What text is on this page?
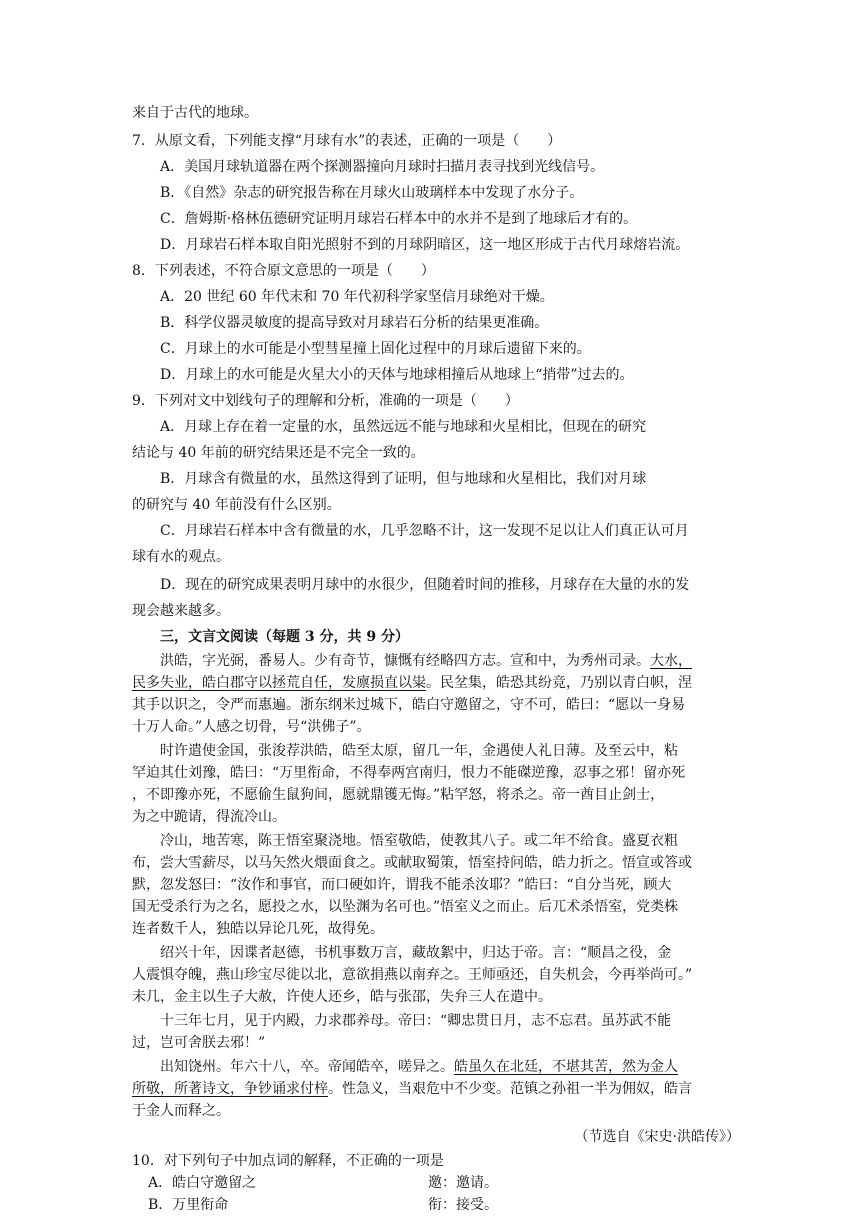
来自于古代的地球。
7．从原文看，下列能支撑“月球有水”的表述，正确的一项是（　　）
A．美国月球轨道器在两个探测器撞向月球时扫描月表寻找到光线信号。
B．《自然》杂志的研究报告称在月球火山玻璃样本中发现了水分子。
C．詹姆斯·格林伍德研究证明月球岩石样本中的水并不是到了地球后才有的。
D．月球岩石样本取自阳光照射不到的月球阴暗区，这一地区形成于古代月球熔岩流。
8．下列表述，不符合原文意思的一项是（　　）
A．20 世纪 60 年代末和 70 年代初科学家坚信月球绝对干燥。
B．科学仪器灵敏度的提高导致对月球岩石分析的结果更准确。
C．月球上的水可能是小型彗星撞上固化过程中的月球后遗留下来的。
D．月球上的水可能是火星大小的天体与地球相撞后从地球上“捎带”过去的。
9．下列对文中划线句子的理解和分析，准确的一项是（　　）
A．月球上存在着一定量的水，虽然远远不能与地球和火星相比，但现在的研究
结论与 40 年前的研究结果还是不完全一致的。
B．月球含有微量的水，虽然这得到了证明，但与地球和火星相比，我们对月球
的研究与 40 年前没有什么区别。
C．月球岩石样本中含有微量的水，几乎忽略不计，这一发现不足以让人们真正认可月
球有水的观点。
D．现在的研究成果表明月球中的水很少，但随着时间的推移，月球存在大量的水的发
现会越来越多。
三，文言文阅读（每题 3 分，共 9 分）
洪皓，字光弼，番易人。少有奇节，慷慨有经略四方志。宣和中，为秀州司录。大水，
民多失业，皓白郡守以拯荒自任，发廪损直以粜。民坌集，皓恐其纷竞，乃别以青白帜，涅
其手以识之，令严而惠遍。浙东纲米过城下，皓白守邀留之，守不可，皓曰：“愿以一身易
十万人命。”人感之切骨，号“洪佛子”。
时许遣使金国，张浚荐洪皓，皓至太原，留几一年，金遇使人礼日薄。及至云中，粘
罕迫其仕刘豫，皓曰：“万里衔命，不得奉两宫南归，恨力不能磔逆豫，忍事之邪！留亦死
，不即豫亦死，不愿偷生鼠狗间，愿就鼎镬无悔。”粘罕怒，将杀之。帝一酋目止剑士，
为之中跪请，得流冷山。
冷山，地苦寒，陈王悟室聚浇地。悟室敬皓，使教其八子。或二年不给食。盛夏衣粗
布，尝大雪薪尽，以马矢然火煨面食之。或献取蜀策，悟室持问皓，皓力折之。悟宣或答或
默，忽发怒曰：“汝作和事官，而口硬如许，谓我不能杀汝耶？”皓曰：“自分当死，顾大
国无受杀行为之名，愿投之水，以坠渊为名可也。”悟室义之而止。后兀术杀悟室，党类株
连者数千人，独皓以异论几死，故得免。
绍兴十年，因谍者赵德，书机事数万言，藏故絮中，归达于帝。言：“顺昌之役，金
人震惧夺魄，燕山珍宝尽徙以北，意欲捐燕以南弃之。王师亟还，自失机会，今再举尚可。”
未几，金主以生子大赦，许使人还乡，皓与张邵，失弁三人在遣中。
十三年七月，见于内殿，力求郡养母。帝曰：“卿忠贯日月，志不忘君。虽苏武不能
过，岂可舍朕去邪！”
出知饶州。年六十八，卒。帝闻皓卒，嗟异之。皓虽久在北廷，不堪其苦，然为金人
所敬，所著诗文，争钞诵求付梓。性急义，当艰危中不少变。范镇之孙祖一半为佣奴，皓言
于金人而释之。
（节选自《宋史·洪皓传》）
10．对下列句子中加点词的解释，不正确的一项是
A．皓白守邀留之	邀：邀请。
B．万里衔命	衔：接受。
